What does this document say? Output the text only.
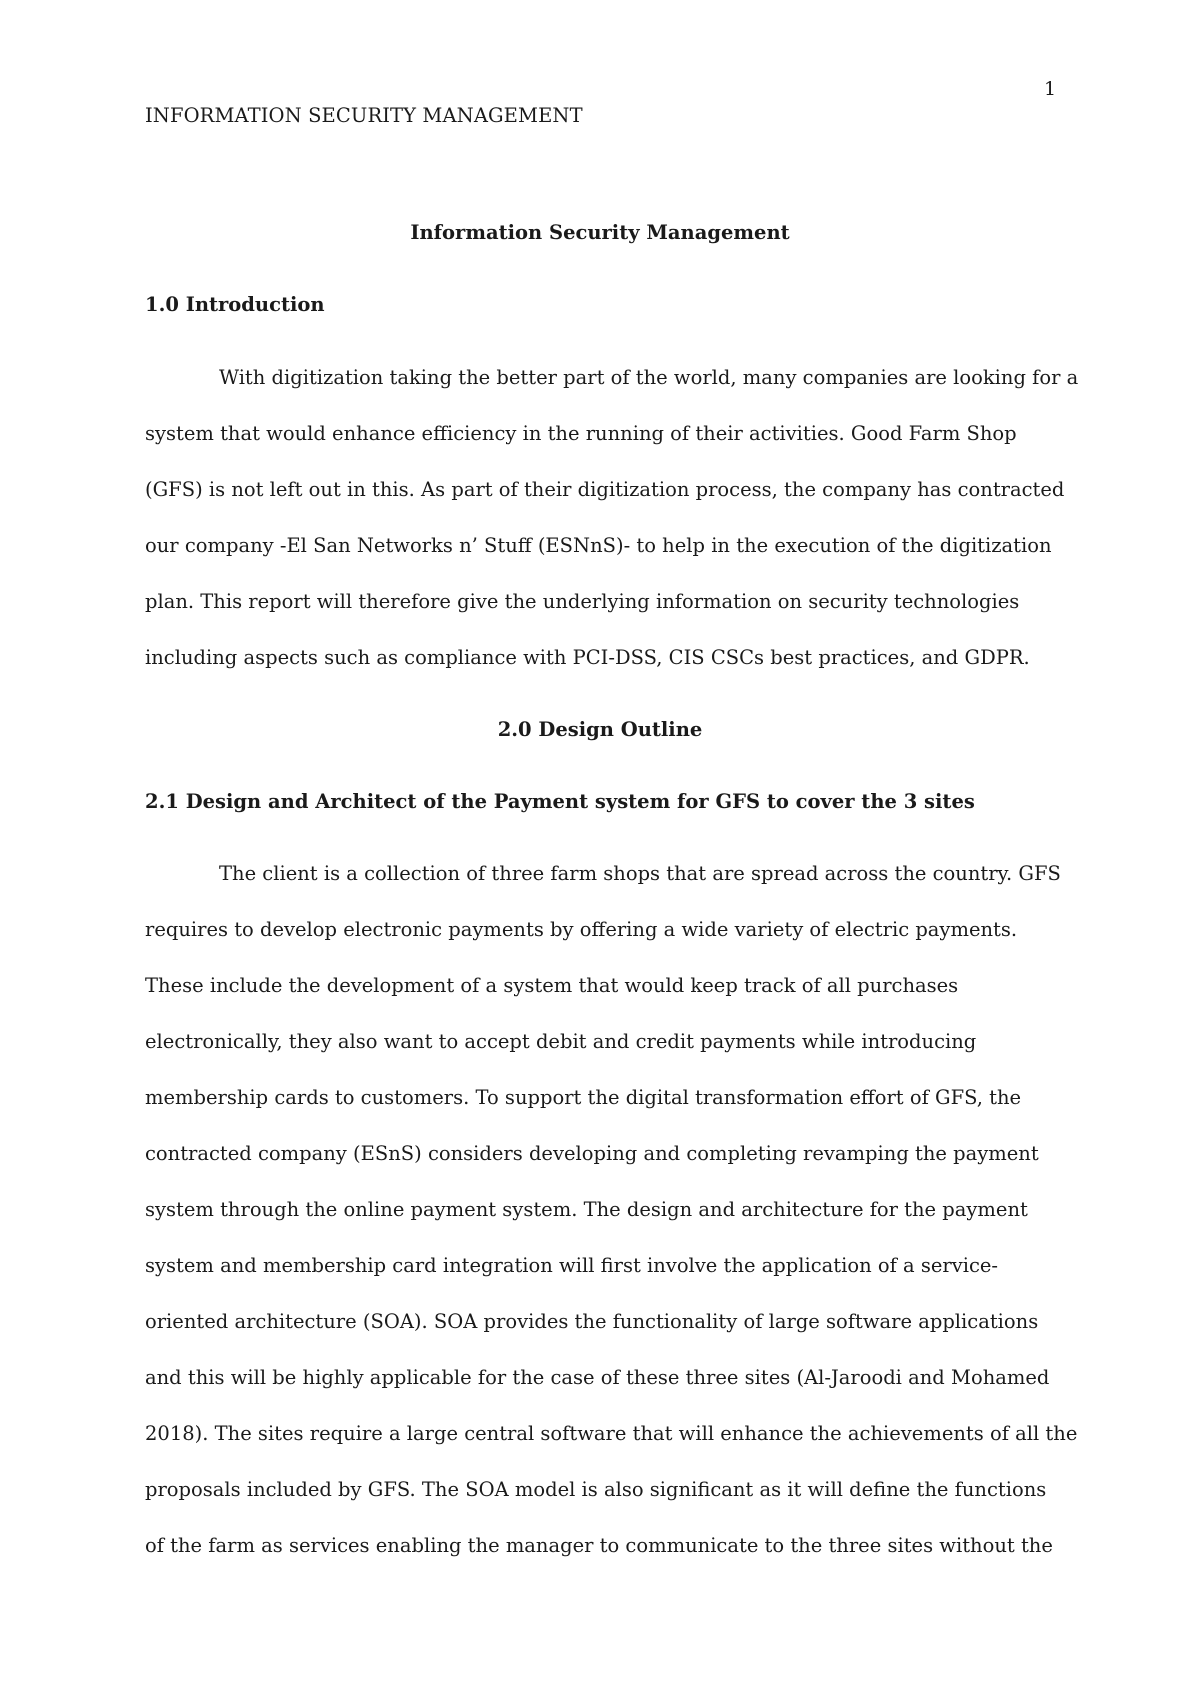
1
INFORMATION SECURITY MANAGEMENT
Information Security Management
1.0 Introduction
With digitization taking the better part of the world, many companies are looking for a
system that would enhance efficiency in the running of their activities. Good Farm Shop
(GFS) is not left out in this. As part of their digitization process, the company has contracted
our company -El San Networks n’ Stuff (ESNnS)- to help in the execution of the digitization
plan. This report will therefore give the underlying information on security technologies
including aspects such as compliance with PCI-DSS, CIS CSCs best practices, and GDPR.
2.0 Design Outline
2.1 Design and Architect of the Payment system for GFS to cover the 3 sites
The client is a collection of three farm shops that are spread across the country. GFS
requires to develop electronic payments by offering a wide variety of electric payments.
These include the development of a system that would keep track of all purchases
electronically, they also want to accept debit and credit payments while introducing
membership cards to customers. To support the digital transformation effort of GFS, the
contracted company (ESnS) considers developing and completing revamping the payment
system through the online payment system. The design and architecture for the payment
system and membership card integration will first involve the application of a service-
oriented architecture (SOA). SOA provides the functionality of large software applications
and this will be highly applicable for the case of these three sites (Al-Jaroodi and Mohamed
2018). The sites require a large central software that will enhance the achievements of all the
proposals included by GFS. The SOA model is also significant as it will define the functions
of the farm as services enabling the manager to communicate to the three sites without the
